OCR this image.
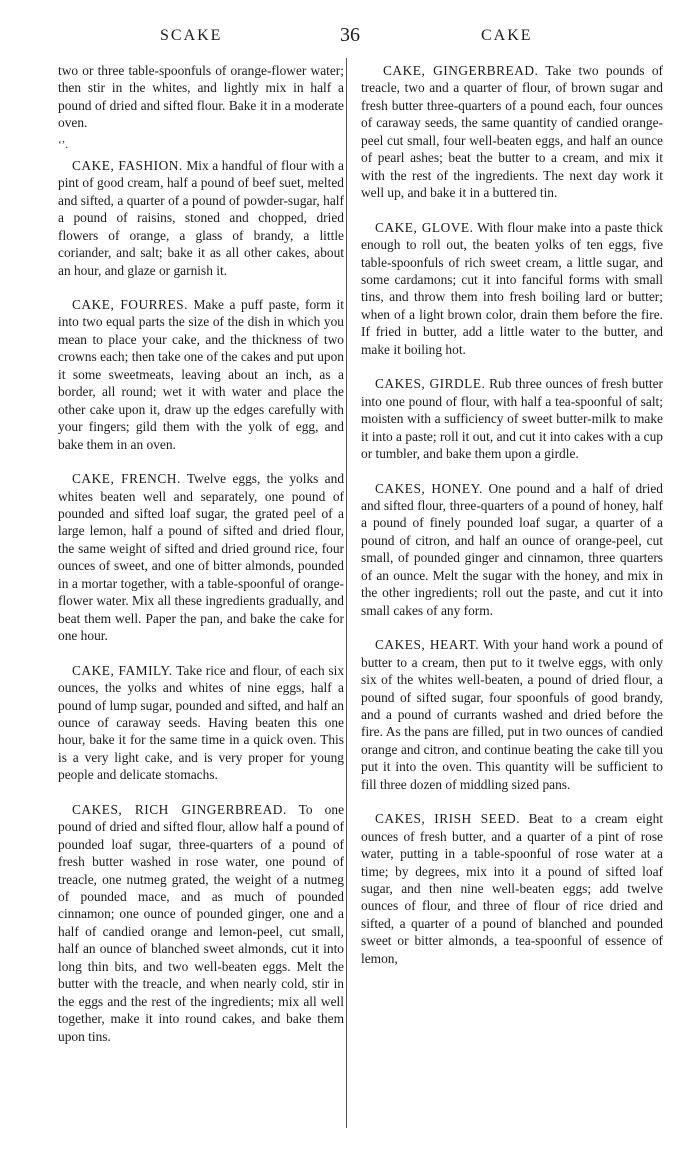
SCAKE	36	CAKE

two or three table-spoonfuls of orange-flower water; then stir in the whites, and lightly mix in half a pound of dried and sifted flour. Bake it in a moderate oven.

‘’.

CAKE, FASHION. Mix a handful of flour with a pint of good cream, half a pound of beef suet, melted and sifted, a quarter of a pound of powder-sugar, half a pound of raisins, stoned and chopped, dried flowers of orange, a glass of brandy, a little coriander, and salt; bake it as all other cakes, about an hour, and glaze or garnish it.

CAKE, FOURRES. Make a puff paste, form it into two equal parts the size of the dish in which you mean to place your cake, and the thickness of two crowns each; then take one of the cakes and put upon it some sweetmeats, leaving about an inch, as a border, all round; wet it with water and place the other cake upon it, draw up the edges carefully with your fingers; gild them with the yolk of egg, and bake them in an oven.

CAKE, FRENCH. Twelve eggs, the yolks and whites beaten well and separately, one pound of pounded and sifted loaf sugar, the grated peel of a large lemon, half a pound of sifted and dried flour, the same weight of sifted and dried ground rice, four ounces of sweet, and one of bitter almonds, pounded in a mortar together, with a table-spoonful of orange-flower water. Mix all these ingredients gradually, and beat them well. Paper the pan, and bake the cake for one hour.

CAKE, FAMILY. Take rice and flour, of each six ounces, the yolks and whites of nine eggs, half a pound of lump sugar, pounded and sifted, and half an ounce of caraway seeds. Having beaten this one hour, bake it for the same time in a quick oven. This is a very light cake, and is very proper for young people and delicate stomachs.

CAKES, RICH GINGERBREAD. To one pound of dried and sifted flour, allow half a pound of pounded loaf sugar, three-quarters of a pound of fresh butter washed in rose water, one pound of treacle, one nutmeg grated, the weight of a nutmeg of pounded mace, and as much of pounded cinnamon; one ounce of pounded ginger, one and a half of candied orange and lemon-peel, cut small, half an ounce of blanched sweet almonds, cut it into long thin bits, and two well-beaten eggs. Melt the butter with the treacle, and when nearly cold, stir in the eggs and the rest of the ingredients; mix all well together, make it into round cakes, and bake them upon tins.

CAKE, GINGERBREAD. Take two pounds of treacle, two and a quarter of flour, of brown sugar and fresh butter three-quarters of a pound each, four ounces of caraway seeds, the same quantity of candied orange-peel cut small, four well-beaten eggs, and half an ounce of pearl ashes; beat the butter to a cream, and mix it with the rest of the ingredients. The next day work it well up, and bake it in a buttered tin.

CAKE, GLOVE. With flour make into a paste thick enough to roll out, the beaten yolks of ten eggs, five table-spoonfuls of rich sweet cream, a little sugar, and some cardamons; cut it into fanciful forms with small tins, and throw them into fresh boiling lard or butter; when of a light brown color, drain them before the fire. If fried in butter, add a little water to the butter, and make it boiling hot.

CAKES, GIRDLE. Rub three ounces of fresh butter into one pound of flour, with half a tea-spoonful of salt; moisten with a sufficiency of sweet butter-milk to make it into a paste; roll it out, and cut it into cakes with a cup or tumbler, and bake them upon a girdle.

CAKES, HONEY. One pound and a half of dried and sifted flour, three-quarters of a pound of honey, half a pound of finely pounded loaf sugar, a quarter of a pound of citron, and half an ounce of orange-peel, cut small, of pounded ginger and cinnamon, three quarters of an ounce. Melt the sugar with the honey, and mix in the other ingredients; roll out the paste, and cut it into small cakes of any form.

CAKES, HEART. With your hand work a pound of butter to a cream, then put to it twelve eggs, with only six of the whites well-beaten, a pound of dried flour, a pound of sifted sugar, four spoonfuls of good brandy, and a pound of currants washed and dried before the fire. As the pans are filled, put in two ounces of candied orange and citron, and continue beating the cake till you put it into the oven. This quantity will be sufficient to fill three dozen of middling sized pans.

CAKES, IRISH SEED. Beat to a cream eight ounces of fresh butter, and a quarter of a pint of rose water, putting in a table-spoonful of rose water at a time; by degrees, mix into it a pound of sifted loaf sugar, and then nine well-beaten eggs; add twelve ounces of flour, and three of flour of rice dried and sifted, a quarter of a pound of blanched and pounded sweet or bitter almonds, a tea-spoonful of essence of lemon,
